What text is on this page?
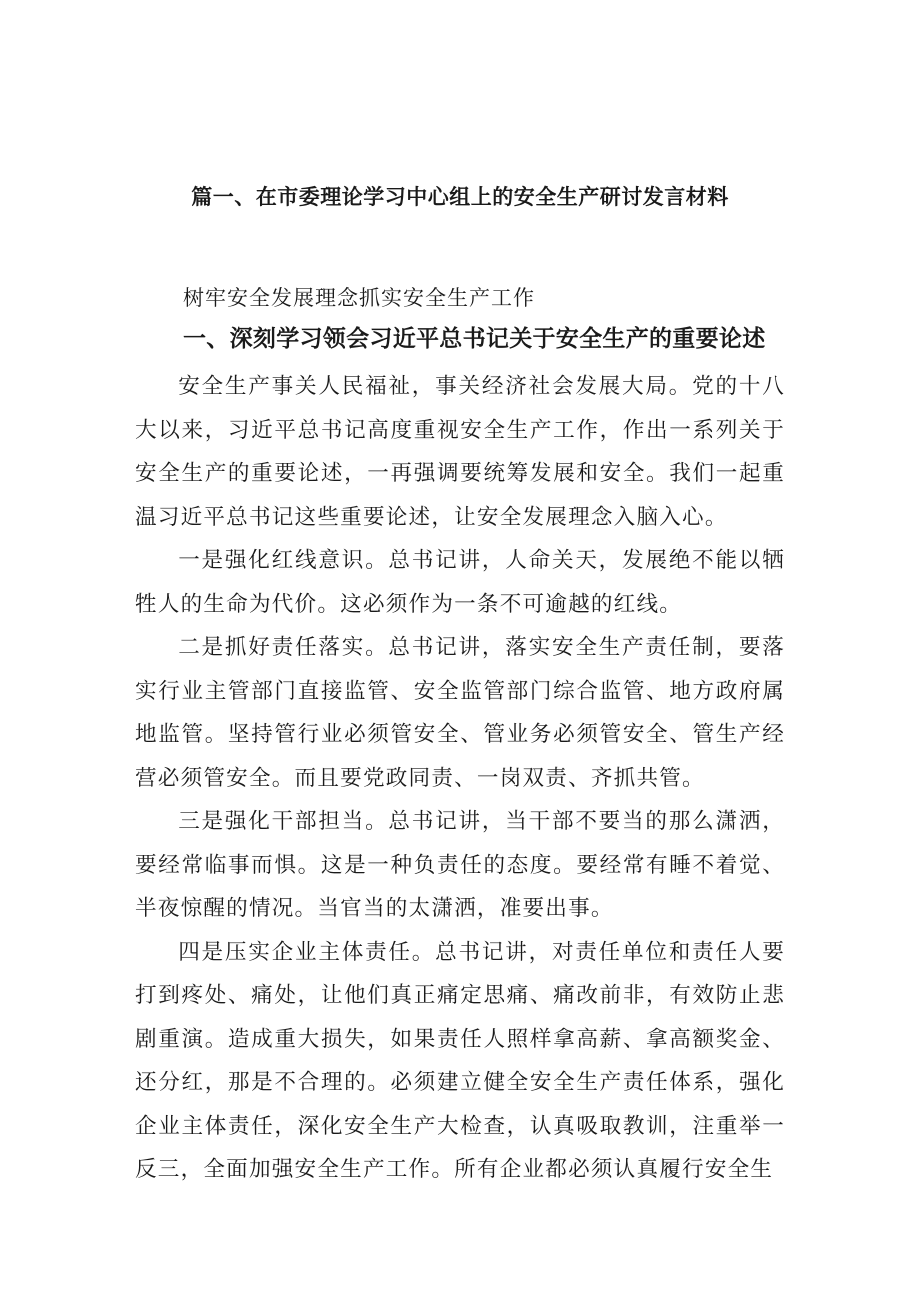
篇一、在市委理论学习中心组上的安全生产研讨发言材料

树牢安全发展理念抓实安全生产工作

一、深刻学习领会习近平总书记关于安全生产的重要论述

安全生产事关人民福祉，事关经济社会发展大局。党的十八大以来，习近平总书记高度重视安全生产工作，作出一系列关于安全生产的重要论述，一再强调要统筹发展和安全。我们一起重温习近平总书记这些重要论述，让安全发展理念入脑入心。

一是强化红线意识。总书记讲，人命关天，发展绝不能以牺牲人的生命为代价。这必须作为一条不可逾越的红线。

二是抓好责任落实。总书记讲，落实安全生产责任制，要落实行业主管部门直接监管、安全监管部门综合监管、地方政府属地监管。坚持管行业必须管安全、管业务必须管安全、管生产经营必须管安全。而且要党政同责、一岗双责、齐抓共管。

三是强化干部担当。总书记讲，当干部不要当的那么潇洒，要经常临事而惧。这是一种负责任的态度。要经常有睡不着觉、半夜惊醒的情况。当官当的太潇洒，准要出事。

四是压实企业主体责任。总书记讲，对责任单位和责任人要打到疼处、痛处，让他们真正痛定思痛、痛改前非，有效防止悲剧重演。造成重大损失，如果责任人照样拿高薪、拿高额奖金、还分红，那是不合理的。必须建立健全安全生产责任体系，强化企业主体责任，深化安全生产大检查，认真吸取教训，注重举一反三，全面加强安全生产工作。所有企业都必须认真履行安全生
